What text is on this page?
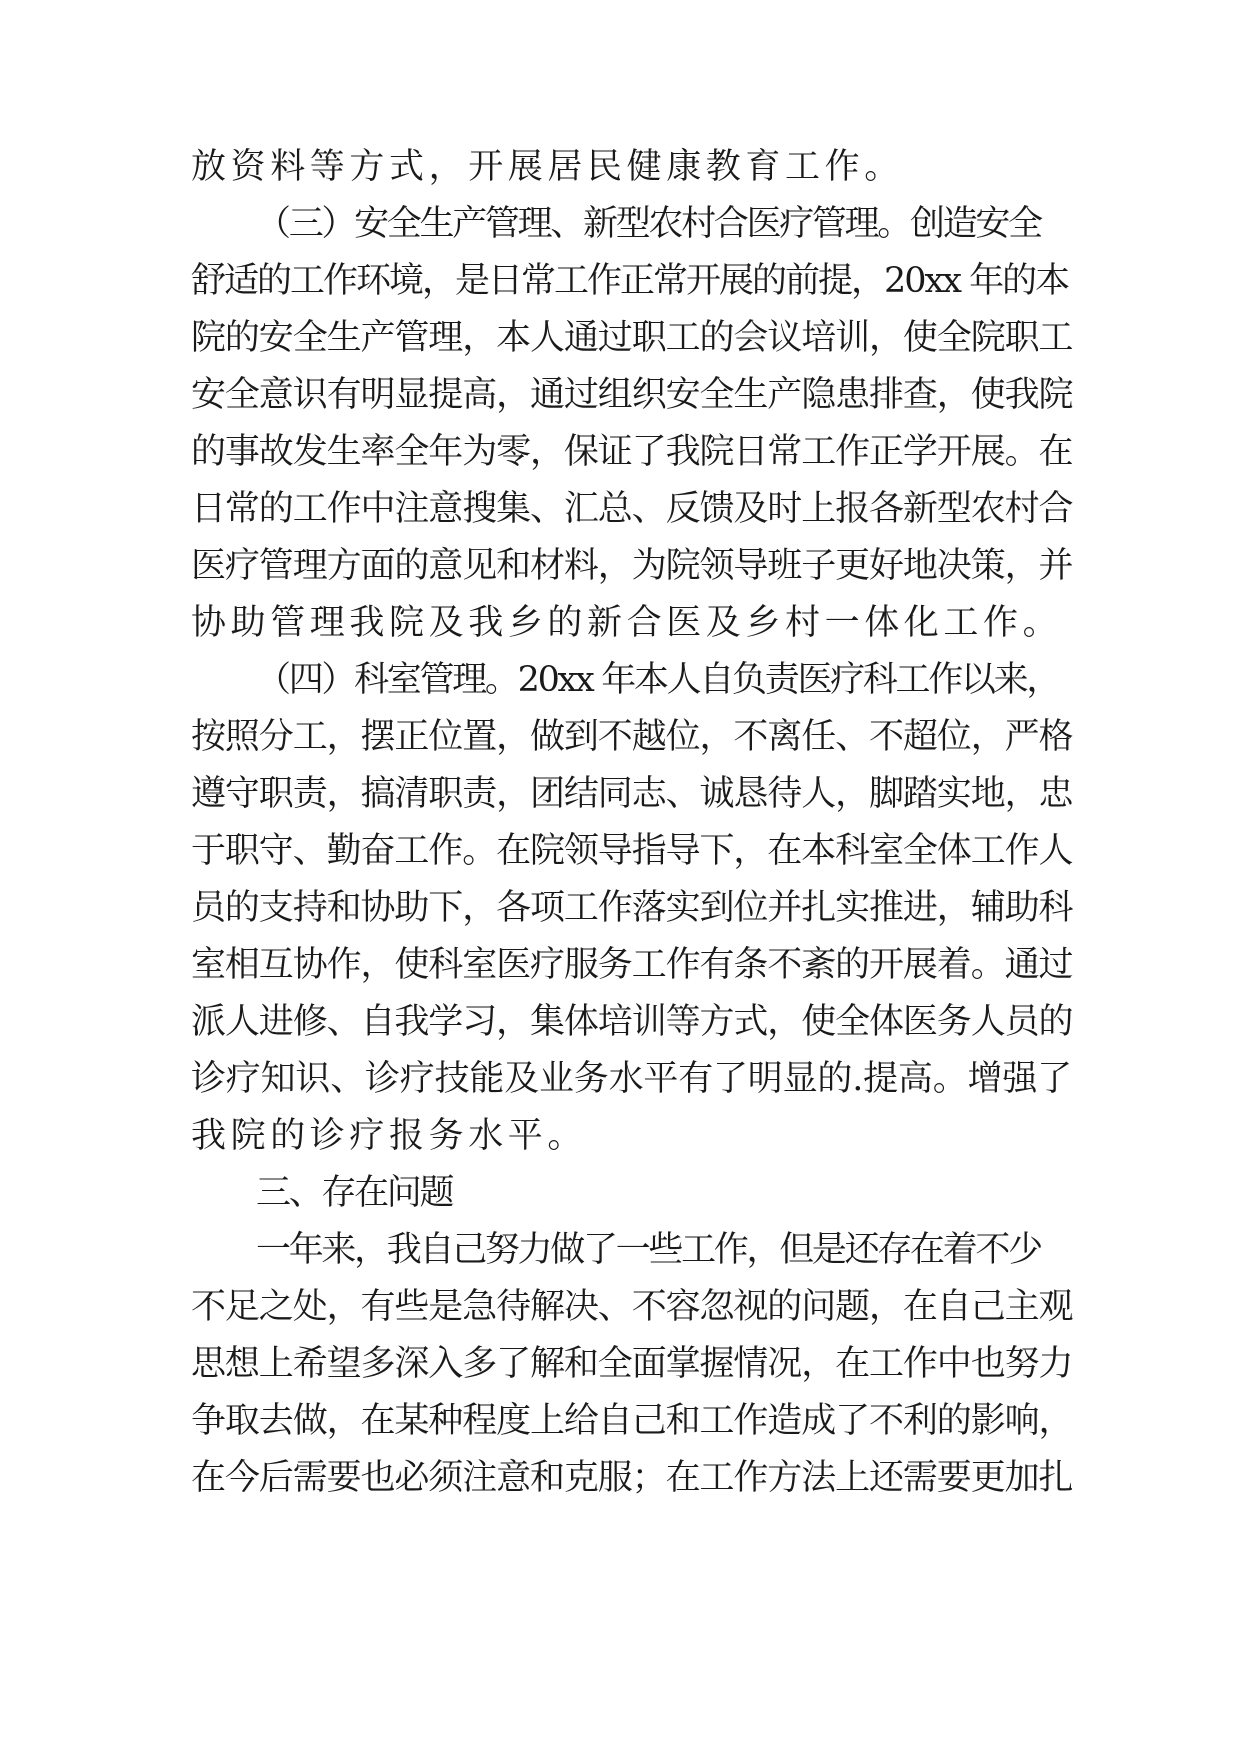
放资料等方式，开展居民健康教育工作。
（三）安全生产管理、新型农村合医疗管理。创造安全
舒适的工作环境，是日常工作正常开展的前提，20xx 年的本
院的安全生产管理，本人通过职工的会议培训，使全院职工
安全意识有明显提高，通过组织安全生产隐患排查，使我院
的事故发生率全年为零，保证了我院日常工作正学开展。在
日常的工作中注意搜集、汇总、反馈及时上报各新型农村合
医疗管理方面的意见和材料，为院领导班子更好地决策，并
协助管理我院及我乡的新合医及乡村一体化工作。
（四）科室管理。20xx 年本人自负责医疗科工作以来，
按照分工，摆正位置，做到不越位，不离任、不超位，严格
遵守职责，搞清职责，团结同志、诚恳待人，脚踏实地，忠
于职守、勤奋工作。在院领导指导下，在本科室全体工作人
员的支持和协助下，各项工作落实到位并扎实推进，辅助科
室相互协作，使科室医疗服务工作有条不紊的开展着。通过
派人进修、自我学习，集体培训等方式，使全体医务人员的
诊疗知识、诊疗技能及业务水平有了明显的.提高。增强了
我院的诊疗报务水平。
三、存在问题
一年来，我自己努力做了一些工作，但是还存在着不少
不足之处，有些是急待解决、不容忽视的问题，在自己主观
思想上希望多深入多了解和全面掌握情况，在工作中也努力
争取去做，在某种程度上给自己和工作造成了不利的影响，
在今后需要也必须注意和克服；在工作方法上还需要更加扎
